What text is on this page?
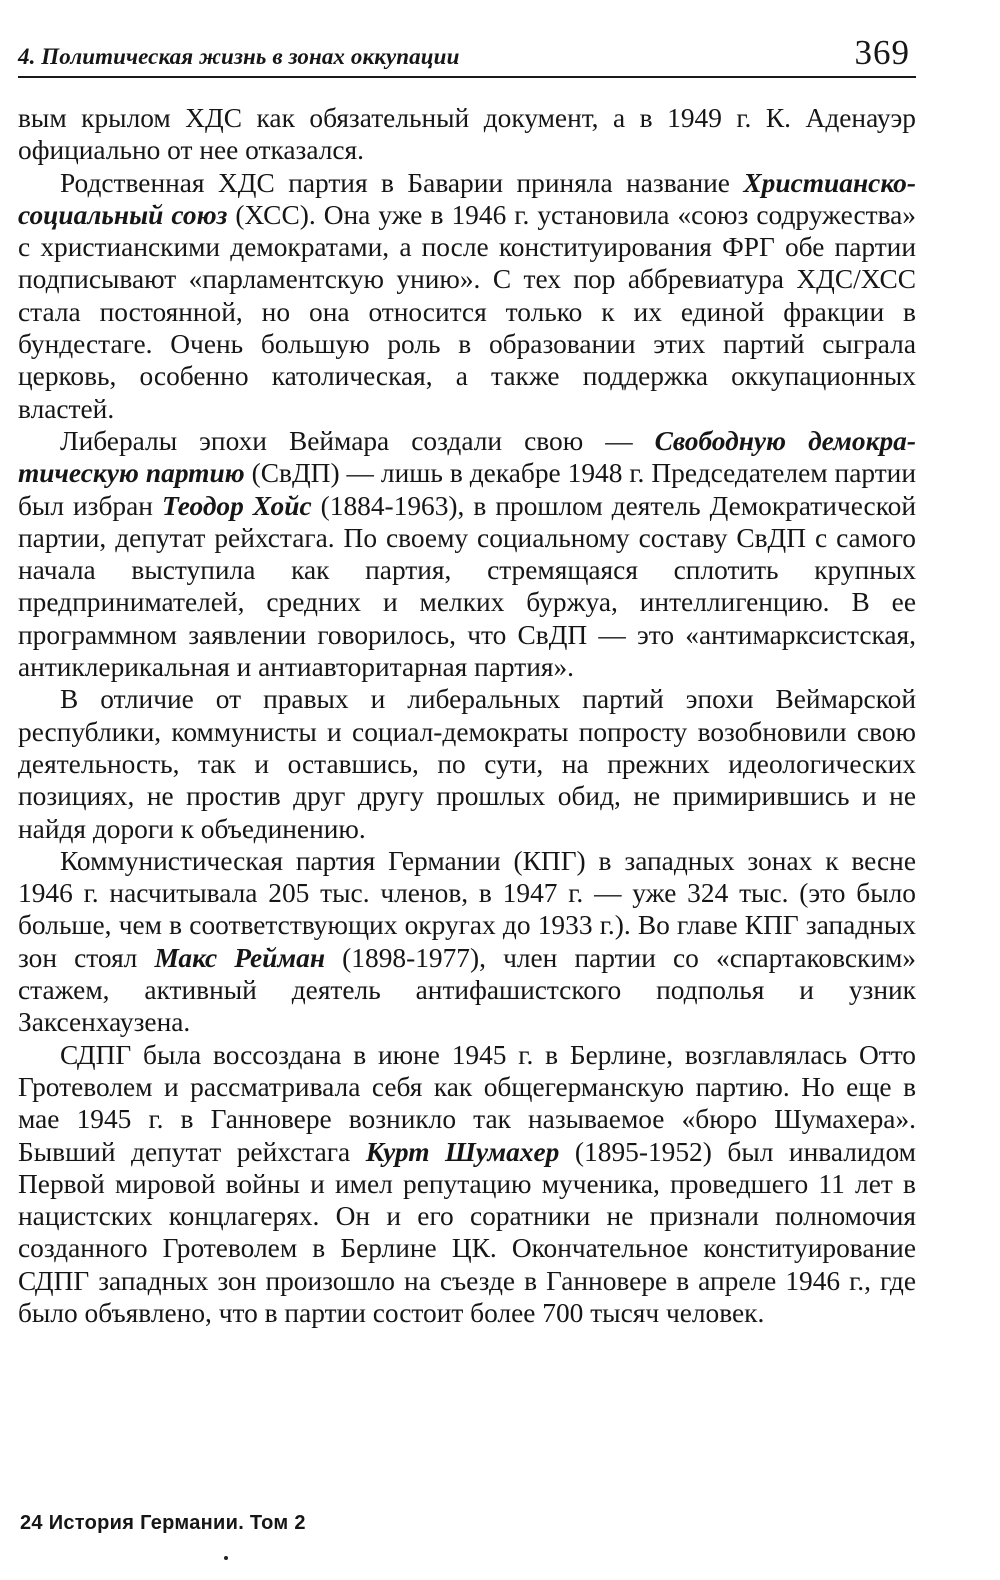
4. Политическая жизнь в зонах оккупации	369

вым крылом ХДС как обязательный документ, а в 1949 г. К. Аденауэр официально от нее отказался.

Родственная ХДС партия в Баварии приняла название Христианско-социальный союз (ХСС). Она уже в 1946 г. установила «союз содружества» с христианскими демократами, а после конституирования ФРГ обе партии подписывают «парламентскую унию». С тех пор аббревиатура ХДС/ХСС стала постоянной, но она относится только к их единой фракции в бундестаге. Очень большую роль в образовании этих партий сыграла церковь, особенно католическая, а также поддержка оккупационных властей.

Либералы эпохи Веймара создали свою — Свободную демократическую партию (СвДП) — лишь в декабре 1948 г. Председателем партии был избран Теодор Хойс (1884-1963), в прошлом деятель Демократической партии, депутат рейхстага. По своему социальному составу СвДП с самого начала выступила как партия, стремящаяся сплотить крупных предпринимателей, средних и мелких буржуа, интеллигенцию. В ее программном заявлении говорилось, что СвДП — это «антимарксистская, антиклерикальная и антиавторитарная партия».

В отличие от правых и либеральных партий эпохи Веймарской республики, коммунисты и социал-демократы попросту возобновили свою деятельность, так и оставшись, по сути, на прежних идеологических позициях, не простив друг другу прошлых обид, не примирившись и не найдя дороги к объединению.

Коммунистическая партия Германии (КПГ) в западных зонах к весне 1946 г. насчитывала 205 тыс. членов, в 1947 г. — уже 324 тыс. (это было больше, чем в соответствующих округах до 1933 г.). Во главе КПГ западных зон стоял Макс Рейман (1898-1977), член партии со «спартаковским» стажем, активный деятель антифашистского подполья и узник Заксенхаузена.

СДПГ была воссоздана в июне 1945 г. в Берлине, возглавлялась Отто Гротеволем и рассматривала себя как общегерманскую партию. Но еще в мае 1945 г. в Ганновере возникло так называемое «бюро Шумахера». Бывший депутат рейхстага Курт Шумахер (1895-1952) был инвалидом Первой мировой войны и имел репутацию мученика, проведшего 11 лет в нацистских концлагерях. Он и его соратники не признали полномочия созданного Гротеволем в Берлине ЦК. Окончательное конституирование СДПГ западных зон произошло на съезде в Ганновере в апреле 1946 г., где было объявлено, что в партии состоит более 700 тысяч человек.

24 История Германии. Том 2
